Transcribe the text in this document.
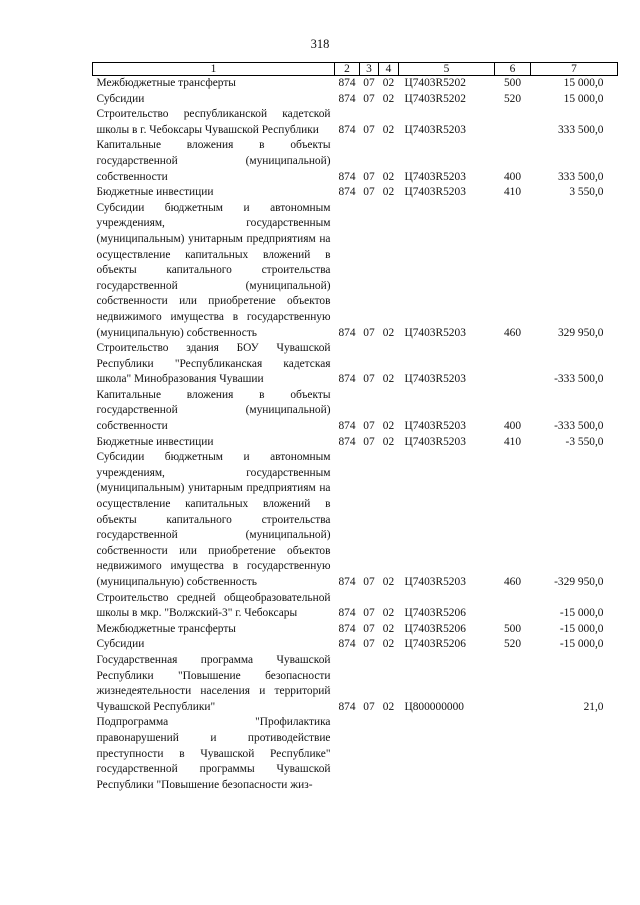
318
1	2	3	4	5	6	7
Межбюджетные трансферты	874	07	02	Ц7403R5202	500	15 000,0
Субсидии	874	07	02	Ц7403R5202	520	15 000,0
Строительство республиканской кадетской школы в г. Чебоксары Чувашской Республики	874	07	02	Ц7403R5203		333 500,0
Капитальные вложения в объекты государственной (муниципальной) собственности	874	07	02	Ц7403R5203	400	333 500,0
Бюджетные инвестиции	874	07	02	Ц7403R5203	410	3 550,0
Субсидии бюджетным и автономным учреждениям, государственным (муниципальным) унитарным предприятиям на осуществление капитальных вложений в объекты капитального строительства государственной (муниципальной) собственности или приобретение объектов недвижимого имущества в государственную (муниципальную) собственность	874	07	02	Ц7403R5203	460	329 950,0
Строительство здания БОУ Чувашской Республики "Республиканская кадетская школа" Минобразования Чувашии	874	07	02	Ц7403R5203		-333 500,0
Капитальные вложения в объекты государственной (муниципальной) собственности	874	07	02	Ц7403R5203	400	-333 500,0
Бюджетные инвестиции	874	07	02	Ц7403R5203	410	-3 550,0
Субсидии бюджетным и автономным учреждениям, государственным (муниципальным) унитарным предприятиям на осуществление капитальных вложений в объекты капитального строительства государственной (муниципальной) собственности или приобретение объектов недвижимого имущества в государственную (муниципальную) собственность	874	07	02	Ц7403R5203	460	-329 950,0
Строительство средней общеобразовательной школы в мкр. "Волжский-3" г. Чебоксары	874	07	02	Ц7403R5206		-15 000,0
Межбюджетные трансферты	874	07	02	Ц7403R5206	500	-15 000,0
Субсидии	874	07	02	Ц7403R5206	520	-15 000,0
Государственная программа Чувашской Республики "Повышение безопасности жизнедеятельности населения и территорий Чувашской Республики"	874	07	02	Ц800000000		21,0
Подпрограмма "Профилактика правонарушений и противодействие преступности в Чувашской Республике" государственной программы Чувашской Республики "Повышение безопасности жиз-						
